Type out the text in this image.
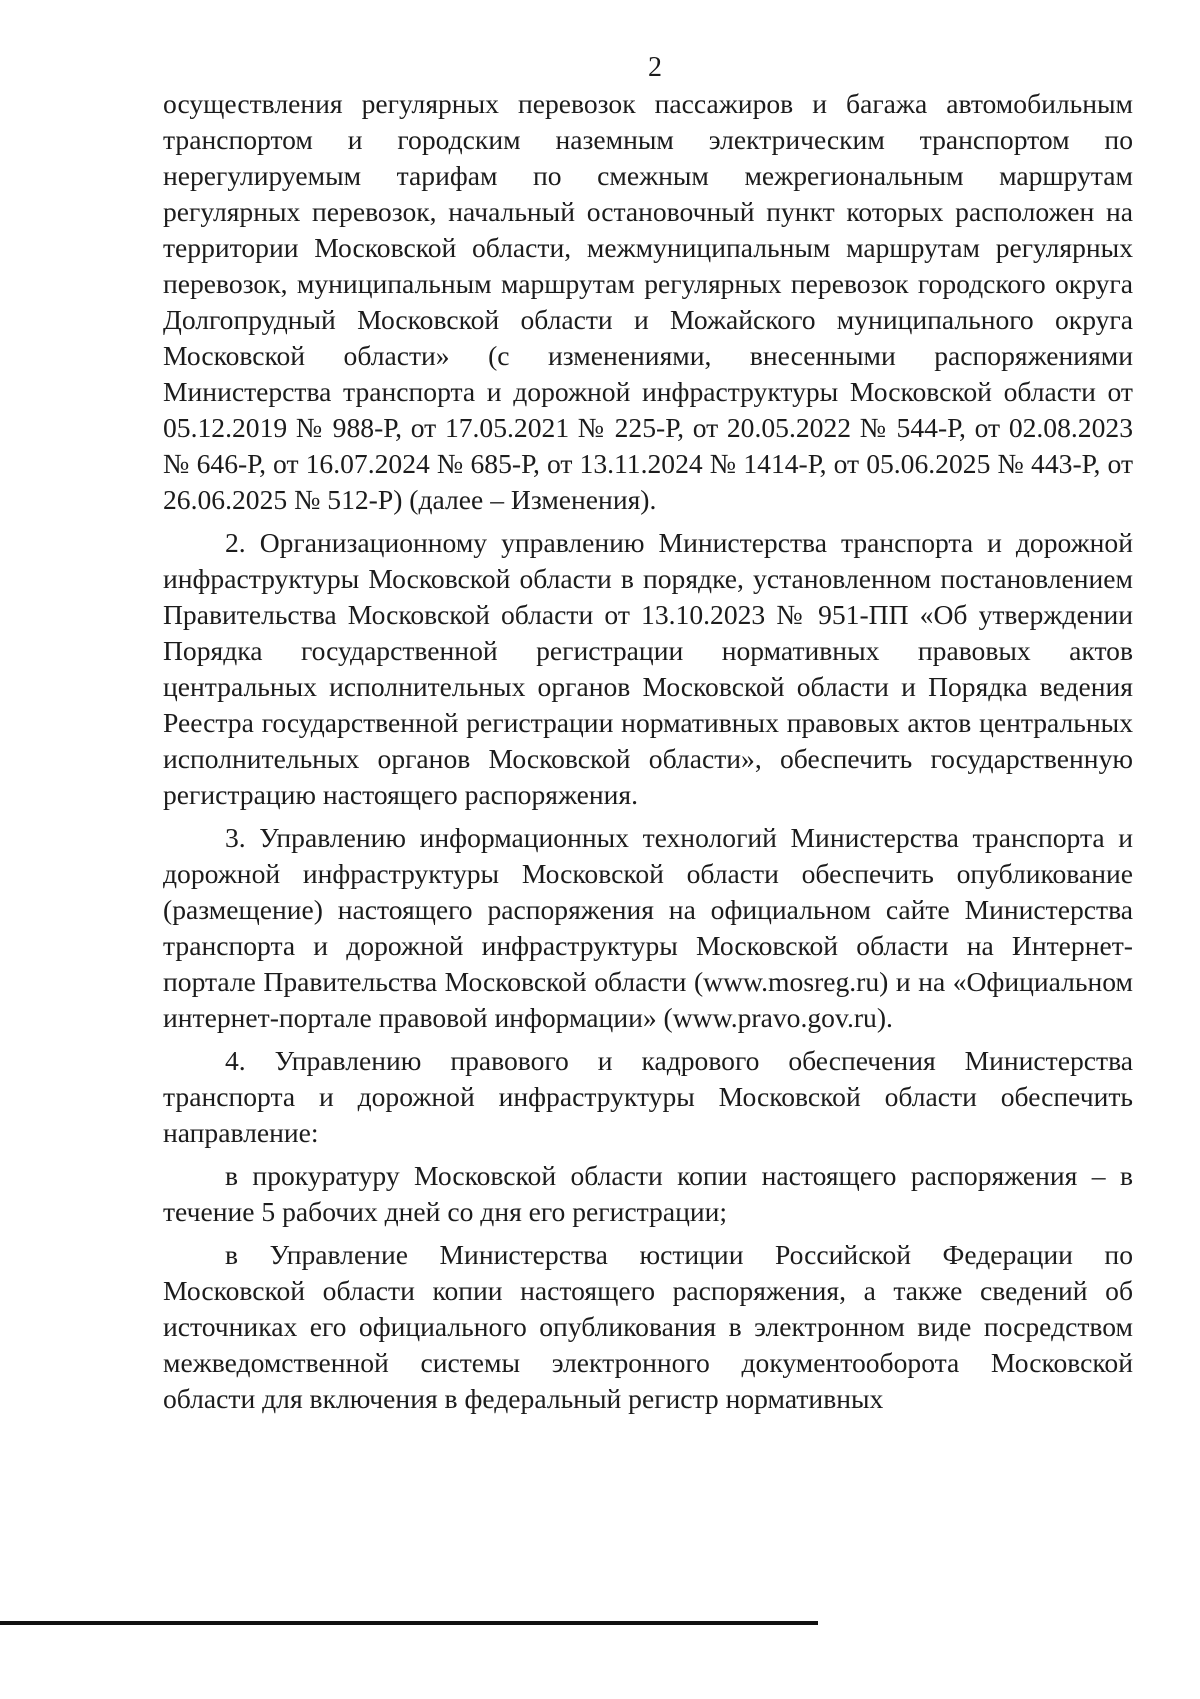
2

осуществления регулярных перевозок пассажиров и багажа автомобильным транспортом и городским наземным электрическим транспортом по нерегулируемым тарифам по смежным межрегиональным маршрутам регулярных перевозок, начальный остановочный пункт которых расположен на территории Московской области, межмуниципальным маршрутам регулярных перевозок, муниципальным маршрутам регулярных перевозок городского округа Долгопрудный Московской области и Можайского муниципального округа Московской области» (с изменениями, внесенными распоряжениями Министерства транспорта и дорожной инфраструктуры Московской области от 05.12.2019 № 988-Р, от 17.05.2021 № 225-Р, от 20.05.2022 № 544-Р, от 02.08.2023 № 646-Р, от 16.07.2024 № 685-Р, от 13.11.2024 № 1414-Р, от 05.06.2025 № 443-Р, от 26.06.2025 № 512-Р) (далее – Изменения).

2. Организационному управлению Министерства транспорта и дорожной инфраструктуры Московской области в порядке, установленном постановлением Правительства Московской области от 13.10.2023 № 951-ПП «Об утверждении Порядка государственной регистрации нормативных правовых актов центральных исполнительных органов Московской области и Порядка ведения Реестра государственной регистрации нормативных правовых актов центральных исполнительных органов Московской области», обеспечить государственную регистрацию настоящего распоряжения.

3. Управлению информационных технологий Министерства транспорта и дорожной инфраструктуры Московской области обеспечить опубликование (размещение) настоящего распоряжения на официальном сайте Министерства транспорта и дорожной инфраструктуры Московской области на Интернет-портале Правительства Московской области (www.mosreg.ru) и на «Официальном интернет-портале правовой информации» (www.pravo.gov.ru).

4. Управлению правового и кадрового обеспечения Министерства транспорта и дорожной инфраструктуры Московской области обеспечить направление:

в прокуратуру Московской области копии настоящего распоряжения – в течение 5 рабочих дней со дня его регистрации;

в Управление Министерства юстиции Российской Федерации по Московской области копии настоящего распоряжения, а также сведений об источниках его официального опубликования в электронном виде посредством межведомственной системы электронного документооборота Московской области для включения в федеральный регистр нормативных
